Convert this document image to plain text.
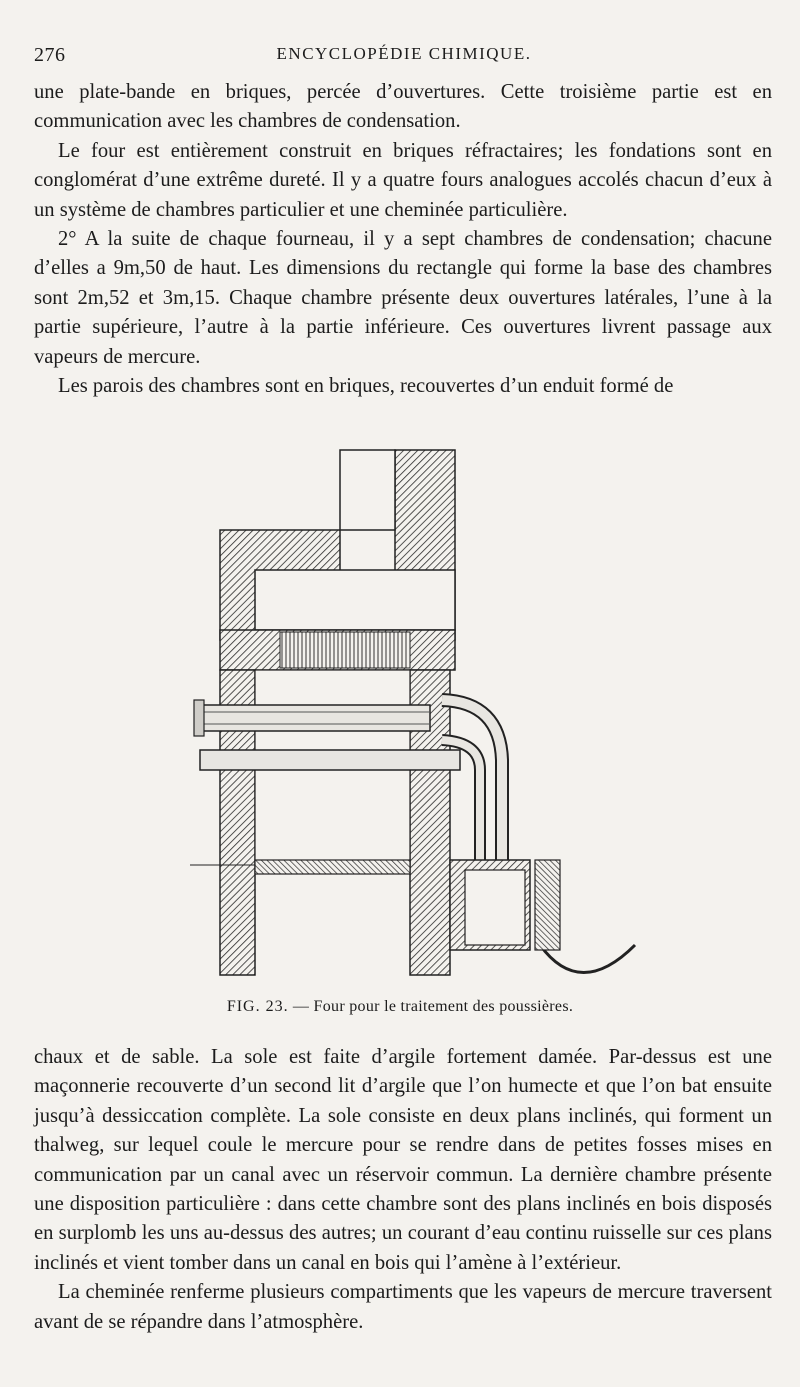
276	ENCYCLOPÉDIE CHIMIQUE.

une plate-bande en briques, percée d’ouvertures. Cette troisième partie est en communication avec les chambres de condensation.

Le four est entièrement construit en briques réfractaires; les fondations sont en conglomérat d’une extrême dureté. Il y a quatre fours analogues accolés chacun d’eux à un système de chambres particulier et une cheminée particulière.

2° A la suite de chaque fourneau, il y a sept chambres de condensation; chacune d’elles a 9m,50 de haut. Les dimensions du rectangle qui forme la base des chambres sont 2m,52 et 3m,15. Chaque chambre présente deux ouvertures latérales, l’une à la partie supérieure, l’autre à la partie inférieure. Ces ouvertures livrent passage aux vapeurs de mercure.

Les parois des chambres sont en briques, recouvertes d’un enduit formé de

FIG. 23. — Four pour le traitement des poussières.

chaux et de sable. La sole est faite d’argile fortement damée. Par-dessus est une maçonnerie recouverte d’un second lit d’argile que l’on humecte et que l’on bat ensuite jusqu’à dessiccation complète. La sole consiste en deux plans inclinés, qui forment un thalweg, sur lequel coule le mercure pour se rendre dans de petites fosses mises en communication par un canal avec un réservoir commun. La dernière chambre présente une disposition particulière : dans cette chambre sont des plans inclinés en bois disposés en surplomb les uns au-dessus des autres; un courant d’eau continu ruisselle sur ces plans inclinés et vient tomber dans un canal en bois qui l’amène à l’extérieur.

La cheminée renferme plusieurs compartiments que les vapeurs de mercure traversent avant de se répandre dans l’atmosphère.
